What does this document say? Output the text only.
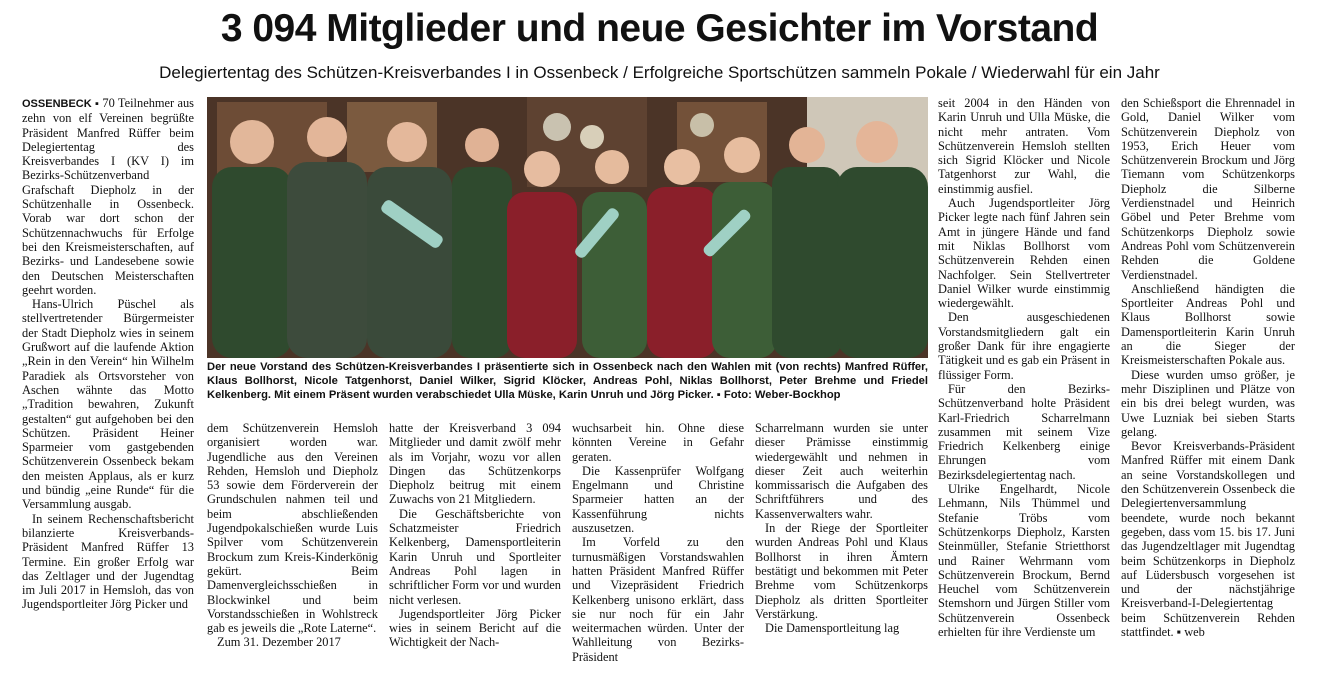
3 094 Mitglieder und neue Gesichter im Vorstand
Delegiertentag des Schützen-Kreisverbandes I in Ossenbeck / Erfolgreiche Sportschützen sammeln Pokale / Wiederwahl für ein Jahr

OSSENBECK ▪ 70 Teilnehmer aus zehn von elf Vereinen begrüßte Präsident Manfred Rüffer beim Delegiertentag des Kreisverbandes I (KV I) im Bezirks-Schützenverband Grafschaft Diepholz in der Schützenhalle in Ossenbeck. Vorab war dort schon der Schützennachwuchs für Erfolge bei den Kreismeisterschaften, auf Bezirks- und Landesebene sowie den Deutschen Meisterschaften geehrt worden.

Hans-Ulrich Püschel als stellvertretender Bürgermeister der Stadt Diepholz wies in seinem Grußwort auf die laufende Aktion „Rein in den Verein“ hin Wilhelm Paradiek als Ortsvorsteher von Aschen wähnte das Motto „Tradition bewahren, Zukunft gestalten“ gut aufgehoben bei den Schützen. Präsident Heiner Sparmeier vom gastgebenden Schützenverein Ossenbeck bekam den meisten Applaus, als er kurz und bündig „eine Runde“ für die Versammlung ausgab.

In seinem Rechenschaftsbericht bilanzierte Kreisverbands-Präsident Manfred Rüffer 13 Termine. Ein großer Erfolg war das Zeltlager und der Jugendtag im Juli 2017 in Hemsloh, das von Jugendsportleiter Jörg Picker und

Der neue Vorstand des Schützen-Kreisverbandes I präsentierte sich in Ossenbeck nach den Wahlen mit (von rechts) Manfred Rüffer, Klaus Bollhorst, Nicole Tatgenhorst, Daniel Wilker, Sigrid Klöcker, Andreas Pohl, Niklas Bollhorst, Peter Brehme und Friedel Kelkenberg. Mit einem Präsent wurden verabschiedet Ulla Müske, Karin Unruh und Jörg Picker. ▪ Foto: Weber-Bockhop

dem Schützenverein Hemsloh organisiert worden war. Jugendliche aus den Vereinen Rehden, Hemsloh und Diepholz 53 sowie dem Förderverein der Grundschulen nahmen teil und beim abschließenden Jugendpokalschießen wurde Luis Spilver vom Schützenverein Brockum zum Kreis-Kinderkönig gekürt. Beim Damenvergleichsschießen in Blockwinkel und beim Vorstandsschießen in Wohlstreck gab es jeweils die „Rote Laterne“.

Zum 31. Dezember 2017

hatte der Kreisverband 3 094 Mitglieder und damit zwölf mehr als im Vorjahr, wozu vor allen Dingen das Schützenkorps Diepholz beitrug mit einem Zuwachs von 21 Mitgliedern.

Die Geschäftsberichte von Schatzmeister Friedrich Kelkenberg, Damensportleiterin Karin Unruh und Sportleiter Andreas Pohl lagen in schriftlicher Form vor und wurden nicht verlesen.

Jugendsportleiter Jörg Picker wies in seinem Bericht auf die Wichtigkeit der Nach-

wuchsarbeit hin. Ohne diese könnten Vereine in Gefahr geraten.

Die Kassenprüfer Wolfgang Engelmann und Christine Sparmeier hatten an der Kassenführung nichts auszusetzen.

Im Vorfeld zu den turnusmäßigen Vorstandswahlen hatten Präsident Manfred Rüffer und Vizepräsident Friedrich Kelkenberg unisono erklärt, dass sie nur noch für ein Jahr weitermachen würden. Unter der Wahlleitung von Bezirks-Präsident

Scharrelmann wurden sie unter dieser Prämisse einstimmig wiedergewählt und nehmen in dieser Zeit auch weiterhin kommissarisch die Aufgaben des Schriftführers und des Kassenverwalters wahr.

In der Riege der Sportleiter wurden Andreas Pohl und Klaus Bollhorst in ihren Ämtern bestätigt und bekommen mit Peter Brehme vom Schützenkorps Diepholz als dritten Sportleiter Verstärkung.

Die Damensportleitung lag

seit 2004 in den Händen von Karin Unruh und Ulla Müske, die nicht mehr antraten. Vom Schützenverein Hemsloh stellten sich Sigrid Klöcker und Nicole Tatgenhorst zur Wahl, die einstimmig ausfiel.

Auch Jugendsportleiter Jörg Picker legte nach fünf Jahren sein Amt in jüngere Hände und fand mit Niklas Bollhorst vom Schützenverein Rehden einen Nachfolger. Sein Stellvertreter Daniel Wilker wurde einstimmig wiedergewählt.

Den ausgeschiedenen Vorstandsmitgliedern galt ein großer Dank für ihre engagierte Tätigkeit und es gab ein Präsent in flüssiger Form.

Für den Bezirks-Schützenverband holte Präsident Karl-Friedrich Scharrelmann zusammen mit seinem Vize Friedrich Kelkenberg einige Ehrungen vom Bezirksdelegiertentag nach.

Ulrike Engelhardt, Nicole Lehmann, Nils Thümmel und Stefanie Tröbs vom Schützenkorps Diepholz, Karsten Steinmüller, Stefanie Strietthorst und Rainer Wehrmann vom Schützenverein Brockum, Bernd Heuchel vom Schützenverein Stemshorn und Jürgen Stiller vom Schützenverein Ossenbeck erhielten für ihre Verdienste um

den Schießsport die Ehrennadel in Gold, Daniel Wilker vom Schützenverein Diepholz von 1953, Erich Heuer vom Schützenverein Brockum und Jörg Tiemann vom Schützenkorps Diepholz die Silberne Verdienstnadel und Heinrich Göbel und Peter Brehme vom Schützenkorps Diepholz sowie Andreas Pohl vom Schützenverein Rehden die Goldene Verdienstnadel.

Anschließend händigten die Sportleiter Andreas Pohl und Klaus Bollhorst sowie Damensportleiterin Karin Unruh an die Sieger der Kreismeisterschaften Pokale aus.

Diese wurden umso größer, je mehr Disziplinen und Plätze von ein bis drei belegt wurden, was Uwe Luzniak bei sieben Starts gelang.

Bevor Kreisverbands-Präsident Manfred Rüffer mit einem Dank an seine Vorstandskollegen und den Schützenverein Ossenbeck die Delegiertenversammlung beendete, wurde noch bekannt gegeben, dass vom 15. bis 17. Juni das Jugendzeltlager mit Jugendtag beim Schützenkorps in Diepholz auf Lüdersbusch vorgesehen ist und der nächstjährige Kreisverband-I-Delegiertentag beim Schützenverein Rehden stattfindet. ▪ web
